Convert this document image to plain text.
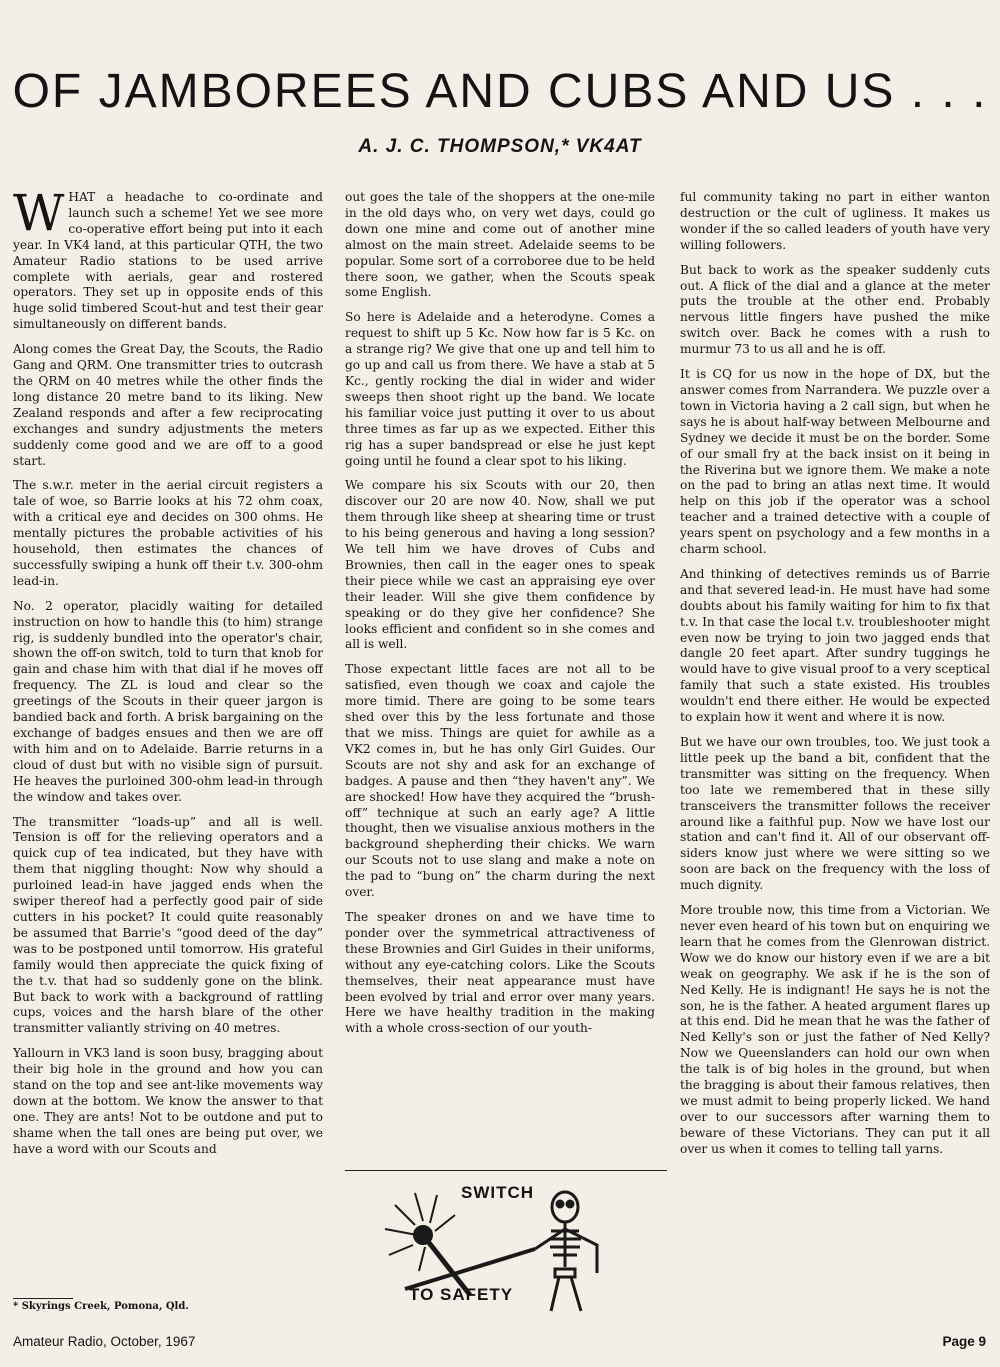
OF JAMBOREES AND CUBS AND US . . .
A. J. C. THOMPSON,* VK4AT

WHAT a headache to co-ordinate and launch such a scheme! Yet we see more co-operative effort being put into it each year. In VK4 land, at this particular QTH, the two Amateur Radio stations to be used arrive complete with aerials, gear and rostered operators. They set up in opposite ends of this huge solid timbered Scout-hut and test their gear simultaneously on different bands.

Along comes the Great Day, the Scouts, the Radio Gang and QRM. One transmitter tries to outcrash the QRM on 40 metres while the other finds the long distance 20 metre band to its liking. New Zealand responds and after a few reciprocating exchanges and sundry adjustments the meters suddenly come good and we are off to a good start.

The s.w.r. meter in the aerial circuit registers a tale of woe, so Barrie looks at his 72 ohm coax, with a critical eye and decides on 300 ohms. He mentally pictures the probable activities of his household, then estimates the chances of successfully swiping a hunk off their t.v. 300-ohm lead-in.

No. 2 operator, placidly waiting for detailed instruction on how to handle this (to him) strange rig, is suddenly bundled into the operator's chair, shown the off-on switch, told to turn that knob for gain and chase him with that dial if he moves off frequency. The ZL is loud and clear so the greetings of the Scouts in their queer jargon is bandied back and forth. A brisk bargaining on the exchange of badges ensues and then we are off with him and on to Adelaide. Barrie returns in a cloud of dust but with no visible sign of pursuit. He heaves the purloined 300-ohm lead-in through the window and takes over.

The transmitter “loads-up” and all is well. Tension is off for the relieving operators and a quick cup of tea indicated, but they have with them that niggling thought: Now why should a purloined lead-in have jagged ends when the swiper thereof had a perfectly good pair of side cutters in his pocket? It could quite reasonably be assumed that Barrie's “good deed of the day” was to be postponed until tomorrow. His grateful family would then appreciate the quick fixing of the t.v. that had so suddenly gone on the blink. But back to work with a background of rattling cups, voices and the harsh blare of the other transmitter valiantly striving on 40 metres.

Yallourn in VK3 land is soon busy, bragging about their big hole in the ground and how you can stand on the top and see ant-like movements way down at the bottom. We know the answer to that one. They are ants! Not to be outdone and put to shame when the tall ones are being put over, we have a word with our Scouts and

out goes the tale of the shoppers at the one-mile in the old days who, on very wet days, could go down one mine and come out of another mine almost on the main street. Adelaide seems to be popular. Some sort of a corroboree due to be held there soon, we gather, when the Scouts speak some English.

So here is Adelaide and a heterodyne. Comes a request to shift up 5 Kc. Now how far is 5 Kc. on a strange rig? We give that one up and tell him to go up and call us from there. We have a stab at 5 Kc., gently rocking the dial in wider and wider sweeps then shoot right up the band. We locate his familiar voice just putting it over to us about three times as far up as we expected. Either this rig has a super bandspread or else he just kept going until he found a clear spot to his liking.

We compare his six Scouts with our 20, then discover our 20 are now 40. Now, shall we put them through like sheep at shearing time or trust to his being generous and having a long session? We tell him we have droves of Cubs and Brownies, then call in the eager ones to speak their piece while we cast an appraising eye over their leader. Will she give them confidence by speaking or do they give her confidence? She looks efficient and confident so in she comes and all is well.

Those expectant little faces are not all to be satisfied, even though we coax and cajole the more timid. There are going to be some tears shed over this by the less fortunate and those that we miss. Things are quiet for awhile as a VK2 comes in, but he has only Girl Guides. Our Scouts are not shy and ask for an exchange of badges. A pause and then “they haven't any”. We are shocked! How have they acquired the “brush-off” technique at such an early age? A little thought, then we visualise anxious mothers in the background shepherding their chicks. We warn our Scouts not to use slang and make a note on the pad to “bung on” the charm during the next over.

The speaker drones on and we have time to ponder over the symmetrical attractiveness of these Brownies and Girl Guides in their uniforms, without any eye-catching colors. Like the Scouts themselves, their neat appearance must have been evolved by trial and error over many years. Here we have healthy tradition in the making with a whole cross-section of our youth-

ful community taking no part in either wanton destruction or the cult of ugliness. It makes us wonder if the so called leaders of youth have very willing followers.

But back to work as the speaker suddenly cuts out. A flick of the dial and a glance at the meter puts the trouble at the other end. Probably nervous little fingers have pushed the mike switch over. Back he comes with a rush to murmur 73 to us all and he is off.

It is CQ for us now in the hope of DX, but the answer comes from Narrandera. We puzzle over a town in Victoria having a 2 call sign, but when he says he is about half-way between Melbourne and Sydney we decide it must be on the border. Some of our small fry at the back insist on it being in the Riverina but we ignore them. We make a note on the pad to bring an atlas next time. It would help on this job if the operator was a school teacher and a trained detective with a couple of years spent on psychology and a few months in a charm school.

And thinking of detectives reminds us of Barrie and that severed lead-in. He must have had some doubts about his family waiting for him to fix that t.v. In that case the local t.v. troubleshooter might even now be trying to join two jagged ends that dangle 20 feet apart. After sundry tuggings he would have to give visual proof to a very sceptical family that such a state existed. His troubles wouldn't end there either. He would be expected to explain how it went and where it is now.

But we have our own troubles, too. We just took a little peek up the band a bit, confident that the transmitter was sitting on the frequency. When too late we remembered that in these silly transceivers the transmitter follows the receiver around like a faithful pup. Now we have lost our station and can't find it. All of our observant off-siders know just where we were sitting so we soon are back on the frequency with the loss of much dignity.

More trouble now, this time from a Victorian. We never even heard of his town but on enquiring we learn that he comes from the Glenrowan district. Wow we do know our history even if we are a bit weak on geography. We ask if he is the son of Ned Kelly. He is indignant! He says he is not the son, he is the father. A heated argument flares up at this end. Did he mean that he was the father of Ned Kelly's son or just the father of Ned Kelly? Now we Queenslanders can hold our own when the talk is of big holes in the ground, but when the bragging is about their famous relatives, then we must admit to being properly licked. We hand over to our successors after warning them to beware of these Victorians. They can put it all over us when it comes to telling tall yarns.

SWITCH
TO SAFETY
* Skyrings Creek, Pomona, Qld.
Amateur Radio, October, 1967	Page 9
